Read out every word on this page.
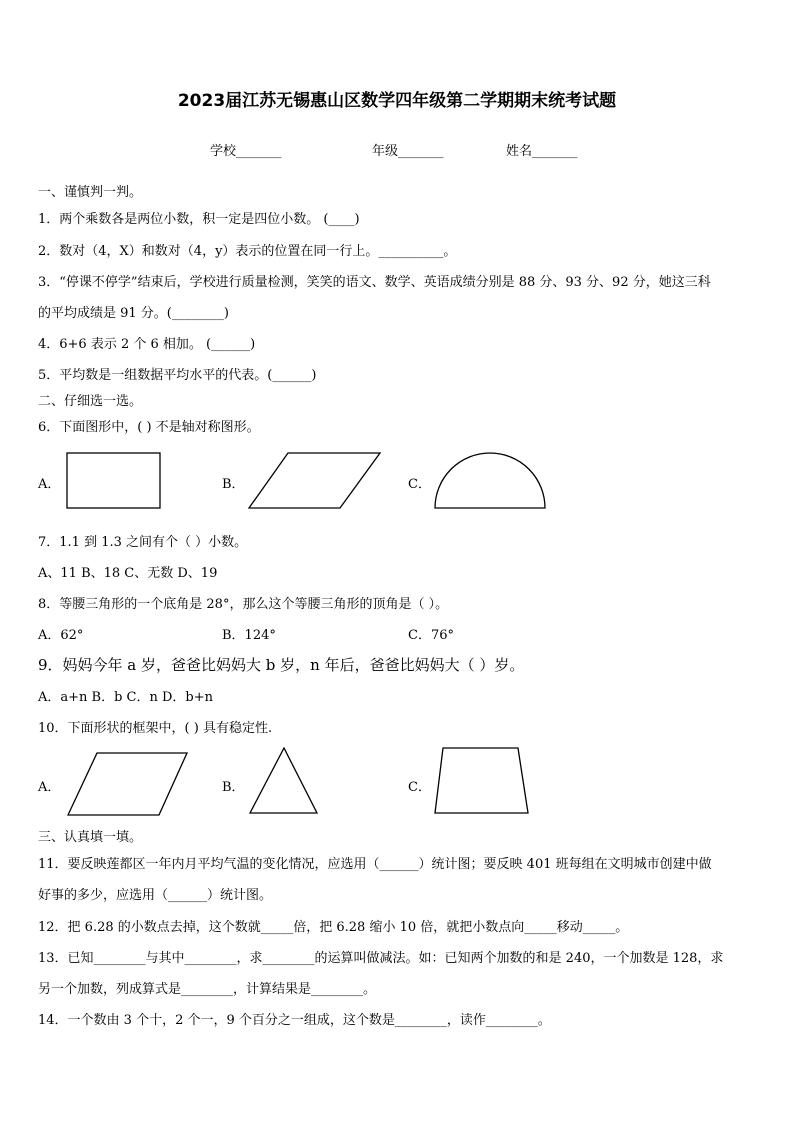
2023届江苏无锡惠山区数学四年级第二学期期末统考试题
学校_______	年级_______	姓名_______
一、谨慎判一判。
1．两个乘数各是两位小数，积一定是四位小数。 (____)
2．数对（4，X）和数对（4，y）表示的位置在同一行上。__________。
3．“停课不停学”结束后，学校进行质量检测，笑笑的语文、数学、英语成绩分别是 88 分、93 分、92 分，她这三科
的平均成绩是 91 分。(________)
4．6+6 表示 2 个 6 相加。 (______)
5．平均数是一组数据平均水平的代表。(______)
二、仔细选一选。
6．下面图形中，( ) 不是轴对称图形。
A．	B．	C．
7．1.1 到 1.3 之间有个（ ）小数。
A、11 B、18 C、无数 D、19
8．等腰三角形的一个底角是 28°，那么这个等腰三角形的顶角是（ ）。
A．62°	B．124°	C．76°
9．妈妈今年 a 岁，爸爸比妈妈大 b 岁，n 年后，爸爸比妈妈大（ ）岁。
A．a+n B．b C．n D．b+n
10．下面形状的框架中，( ) 具有稳定性.
A．	B．	C．
三、认真填一填。
11．要反映莲都区一年内月平均气温的变化情况，应选用（______）统计图；要反映 401 班每组在文明城市创建中做
好事的多少，应选用（______）统计图。
12．把 6.28 的小数点去掉，这个数就_____倍，把 6.28 缩小 10 倍，就把小数点向_____移动_____。
13．已知________与其中________，求________的运算叫做减法。如：已知两个加数的和是 240，一个加数是 128，求
另一个加数，列成算式是________，计算结果是________。
14．一个数由 3 个十，2 个一，9 个百分之一组成，这个数是________，读作________。
